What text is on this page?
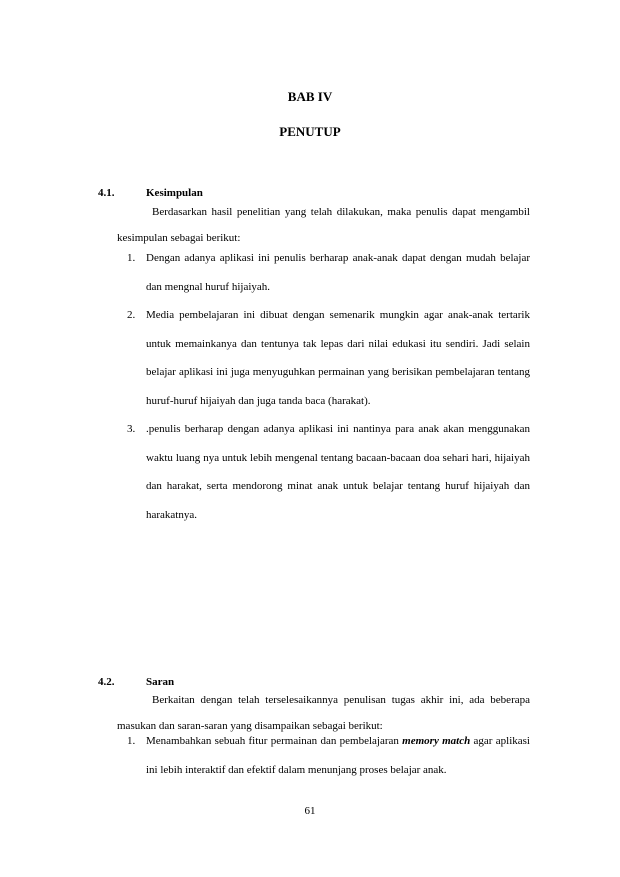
BAB IV
PENUTUP
4.1.	Kesimpulan

Berdasarkan hasil penelitian yang telah dilakukan, maka penulis dapat mengambil kesimpulan sebagai berikut:

1. Dengan adanya aplikasi ini penulis berharap anak-anak dapat dengan mudah belajar dan mengnal huruf hijaiyah.
2. Media pembelajaran ini dibuat dengan semenarik mungkin agar anak-anak tertarik untuk memainkanya dan tentunya tak lepas dari nilai edukasi itu sendiri. Jadi selain belajar aplikasi ini juga menyuguhkan permainan yang berisikan pembelajaran tentang huruf-huruf hijaiyah dan juga tanda baca (harakat).
3. .penulis berharap dengan adanya aplikasi ini nantinya para anak akan menggunakan waktu luang nya untuk lebih mengenal tentang bacaan-bacaan doa sehari hari, hijaiyah dan harakat, serta mendorong minat anak untuk belajar tentang huruf hijaiyah dan harakatnya.
4.2.	Saran

Berkaitan dengan telah terselesaikannya penulisan tugas akhir ini, ada beberapa masukan dan saran-saran yang disampaikan sebagai berikut:

1. Menambahkan sebuah fitur permainan dan pembelajaran memory match agar aplikasi ini lebih interaktif dan efektif dalam menunjang proses belajar anak.
61
